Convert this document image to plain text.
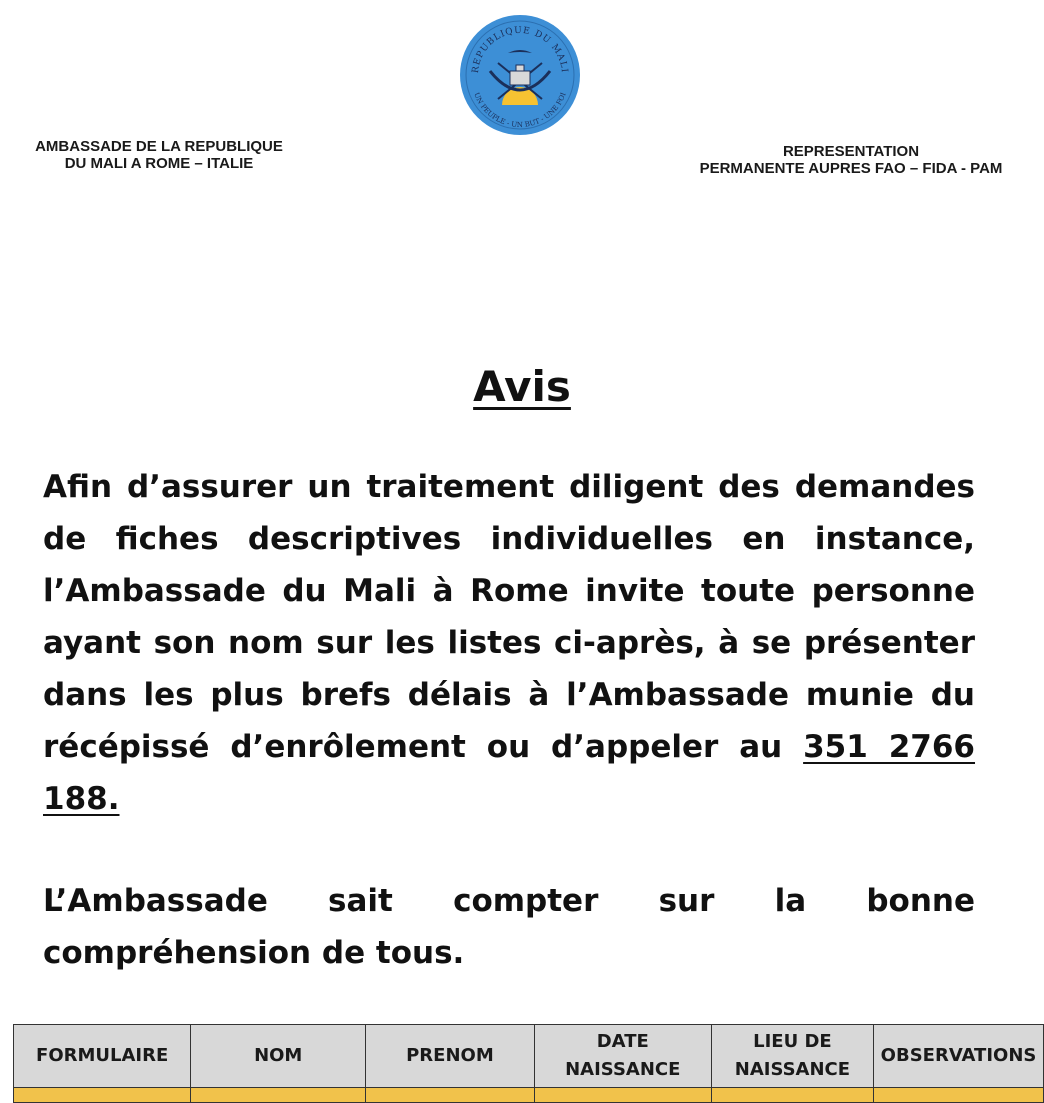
REPUBLIQUE DU MALI
UN PEUPLE - UN BUT - UNE FOI
AMBASSADE DE LA REPUBLIQUE
DU MALI A ROME – ITALIE
REPRESENTATION
PERMANENTE AUPRES FAO – FIDA - PAM
Avis

Afin d’assurer un traitement diligent des demandes de fiches descriptives individuelles en instance, l’Ambassade du Mali à Rome invite toute personne ayant son nom sur les listes ci-après, à se présenter dans les plus brefs délais à l’Ambassade munie du récépissé d’enrôlement ou d’appeler au 351 2766 188.

L’Ambassade sait compter sur la bonne compréhension de tous.

FORMULAIRE	NOM	PRENOM	DATE NAISSANCE	LIEU DE NAISSANCE	OBSERVATIONS
